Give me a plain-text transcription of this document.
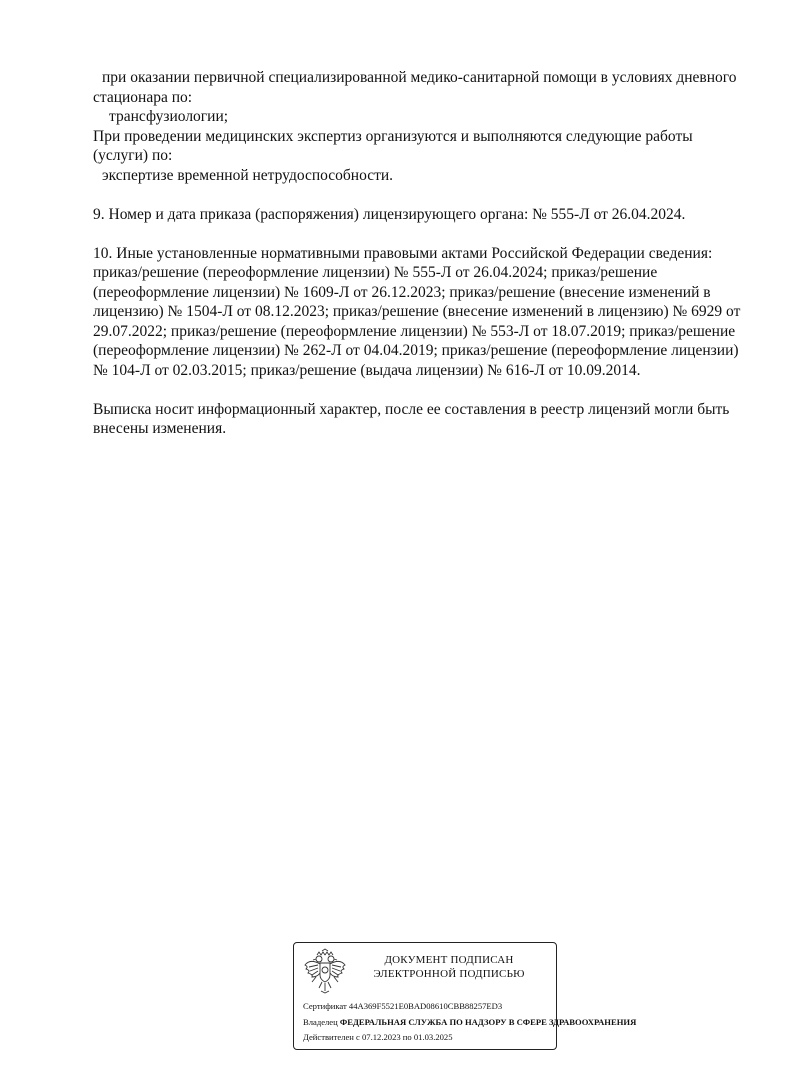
при оказании первичной специализированной медико-санитарной помощи в условиях дневного
стационара по:
трансфузиологии;
При проведении медицинских экспертиз организуются и выполняются следующие работы
(услуги) по:
экспертизе временной нетрудоспособности.
9. Номер и дата приказа (распоряжения) лицензирующего органа: № 555-Л от 26.04.2024.
10. Иные установленные нормативными правовыми актами Российской Федерации сведения:
приказ/решение (переоформление лицензии) № 555-Л от 26.04.2024; приказ/решение
(переоформление лицензии) № 1609-Л от 26.12.2023; приказ/решение (внесение изменений в
лицензию) № 1504-Л от 08.12.2023; приказ/решение (внесение изменений в лицензию) № 6929 от
29.07.2022; приказ/решение (переоформление лицензии) № 553-Л от 18.07.2019; приказ/решение
(переоформление лицензии) № 262-Л от 04.04.2019; приказ/решение (переоформление лицензии)
№ 104-Л от 02.03.2015; приказ/решение (выдача лицензии) № 616-Л от 10.09.2014.
Выписка носит информационный характер, после ее составления в реестр лицензий могли быть
внесены изменения.
ДОКУМЕНТ ПОДПИСАН
ЭЛЕКТРОННОЙ ПОДПИСЬЮ
Сертификат 44A369F5521E0BAD08610CBB88257ED3
Владелец ФЕДЕРАЛЬНАЯ СЛУЖБА ПО НАДЗОРУ В СФЕРЕ ЗДРАВООХРАНЕНИЯ
Действителен с 07.12.2023 по 01.03.2025
